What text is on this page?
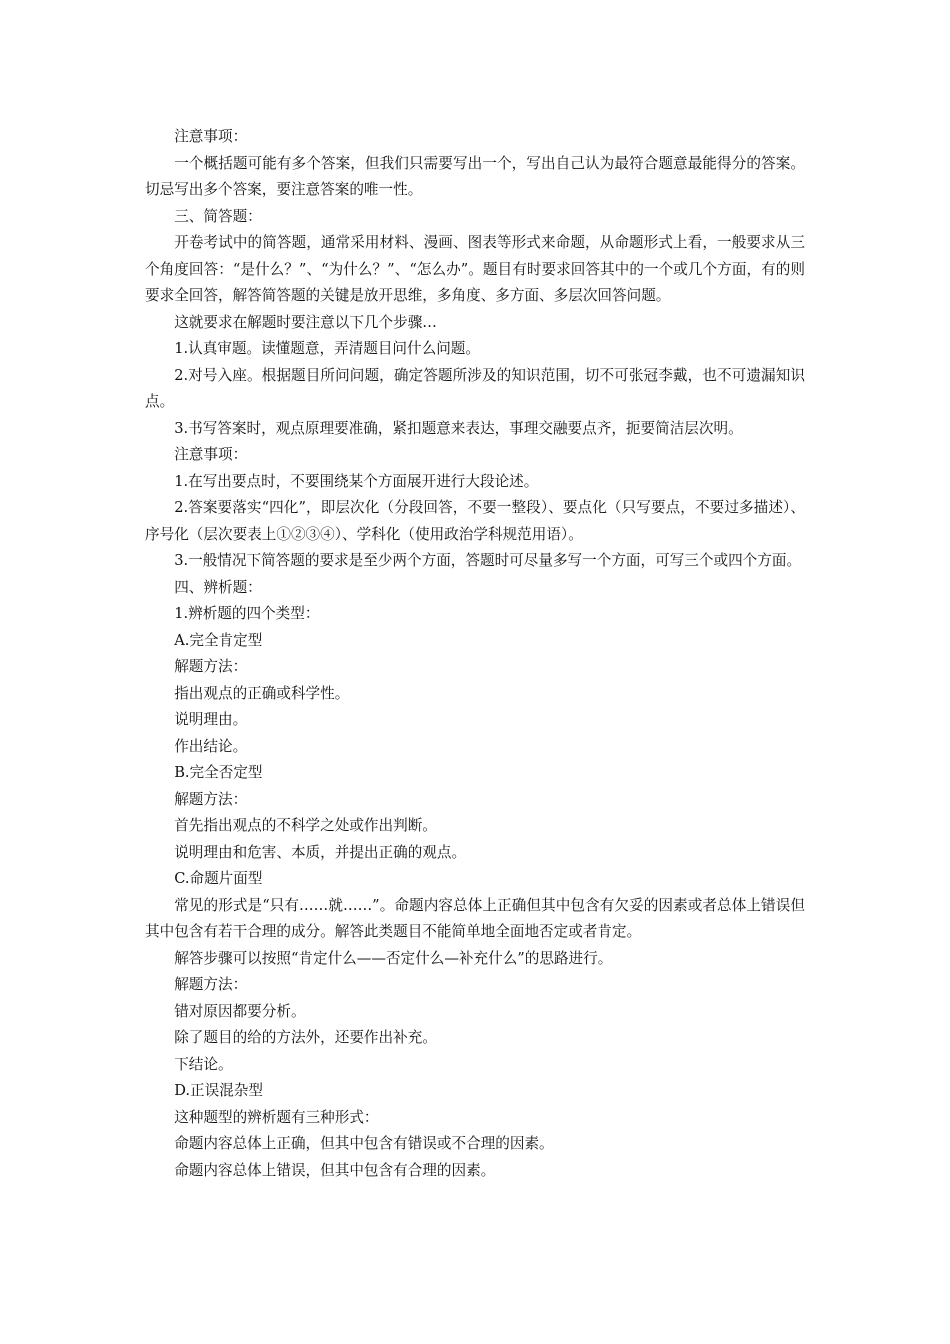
注意事项：

一个概括题可能有多个答案，但我们只需要写出一个，写出自己认为最符合题意最能得分的答案。切忌写出多个答案，要注意答案的唯一性。

三、简答题：

开卷考试中的简答题，通常采用材料、漫画、图表等形式来命题，从命题形式上看，一般要求从三个角度回答：“是什么？”、“为什么？”、“怎么办”。题目有时要求回答其中的一个或几个方面，有的则要求全回答，解答简答题的关键是放开思维，多角度、多方面、多层次回答问题。

这就要求在解题时要注意以下几个步骤…

1.认真审题。读懂题意，弄清题目问什么问题。

2.对号入座。根据题目所问问题，确定答题所涉及的知识范围，切不可张冠李戴，也不可遗漏知识点。

3.书写答案时，观点原理要准确，紧扣题意来表达，事理交融要点齐，扼要简洁层次明。

注意事项：

1.在写出要点时，不要围绕某个方面展开进行大段论述。

2.答案要落实“四化”，即层次化（分段回答，不要一整段）、要点化（只写要点，不要过多描述）、序号化（层次要表上①②③④）、学科化（使用政治学科规范用语）。

3.一般情况下简答题的要求是至少两个方面，答题时可尽量多写一个方面，可写三个或四个方面。

四、辨析题：

1.辨析题的四个类型：

A.完全肯定型

解题方法：

指出观点的正确或科学性。

说明理由。

作出结论。

B.完全否定型

解题方法：

首先指出观点的不科学之处或作出判断。

说明理由和危害、本质，并提出正确的观点。

C.命题片面型

常见的形式是“只有……就……”。命题内容总体上正确但其中包含有欠妥的因素或者总体上错误但其中包含有若干合理的成分。解答此类题目不能简单地全面地否定或者肯定。

解答步骤可以按照“肯定什么——否定什么—补充什么”的思路进行。

解题方法：

错对原因都要分析。

除了题目的给的方法外，还要作出补充。

下结论。

D.正误混杂型

这种题型的辨析题有三种形式：

命题内容总体上正确，但其中包含有错误或不合理的因素。

命题内容总体上错误，但其中包含有合理的因素。
